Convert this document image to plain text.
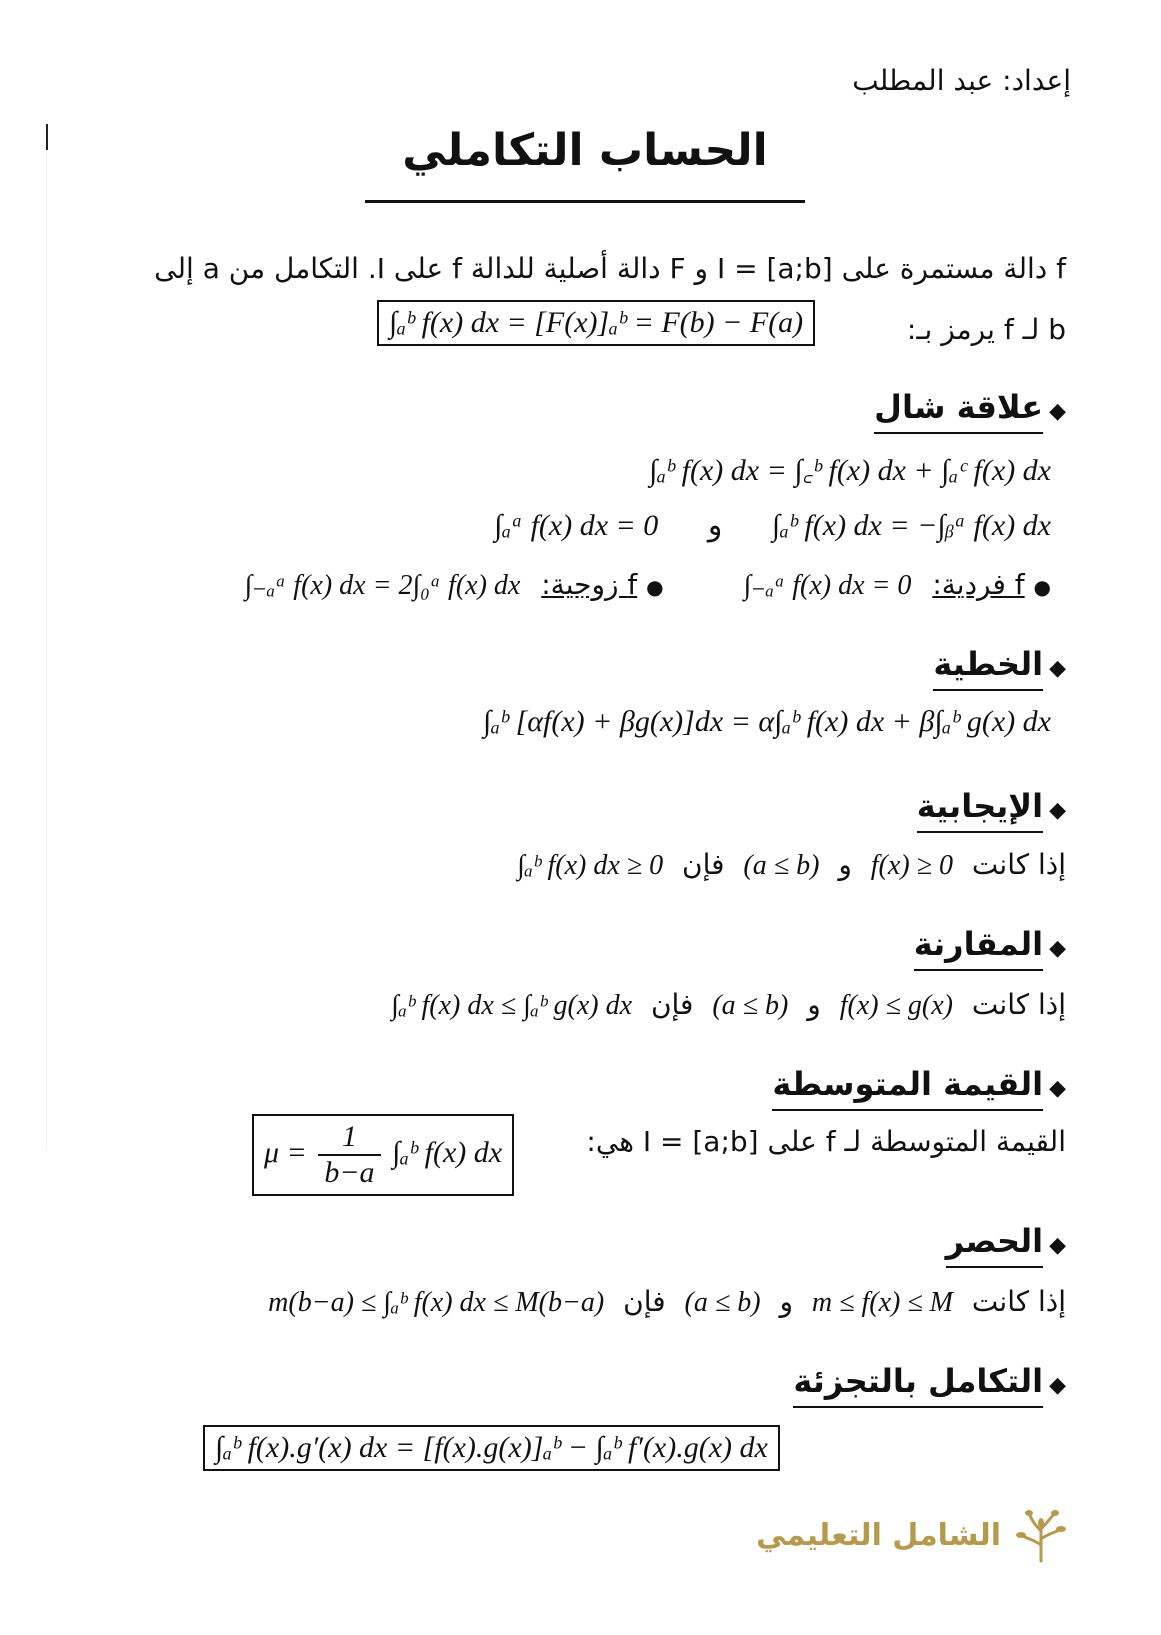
إعداد: عبد المطلب
الحساب التكاملي
f دالة مستمرة على I = [a;b] و F دالة أصلية للدالة f على I. التكامل من a إلى
b لـ f يرمز بـ:
∫ₐᵇ f(x) dx = [F(x)]ₐᵇ = F(b) − F(a)
◆علاقة شال
∫ₐᵇ f(x) dx = ∫꜀ᵇ f(x) dx + ∫ₐᶜ f(x) dx
∫ₐᵃ f(x) dx = 0 و ∫ₐᵇ f(x) dx = −∫ᵦᵃ f(x) dx
● f فردية: ∫₋ₐᵃ f(x) dx = 0  ● f زوجية: ∫₋ₐᵃ f(x) dx = 2∫₀ᵃ f(x) dx
◆الخطية
∫ₐᵇ [αf(x) + βg(x)]dx = α∫ₐᵇ f(x) dx + β∫ₐᵇ g(x) dx
◆الإيجابية
إذا كانت f(x) ≥ 0 و (a ≤ b) فإن ∫ₐᵇ f(x) dx ≥ 0
◆المقارنة
إذا كانت f(x) ≤ g(x) و (a ≤ b) فإن ∫ₐᵇ f(x) dx ≤ ∫ₐᵇ g(x) dx
◆القيمة المتوسطة
القيمة المتوسطة لـ f على I = [a;b] هي:
$\mu = \frac{1}{b-a}$ ∫ₐᵇ f(x) dx
◆الحصر
إذا كانت m ≤ f(x) ≤ M و (a ≤ b) فإن m(b−a) ≤ ∫ₐᵇ f(x) dx ≤ M(b−a)
◆التكامل بالتجزئة
∫ₐᵇ f(x).g′(x) dx = [f(x).g(x)]ₐᵇ − ∫ₐᵇ f′(x).g(x) dx
الشامل التعليمي
